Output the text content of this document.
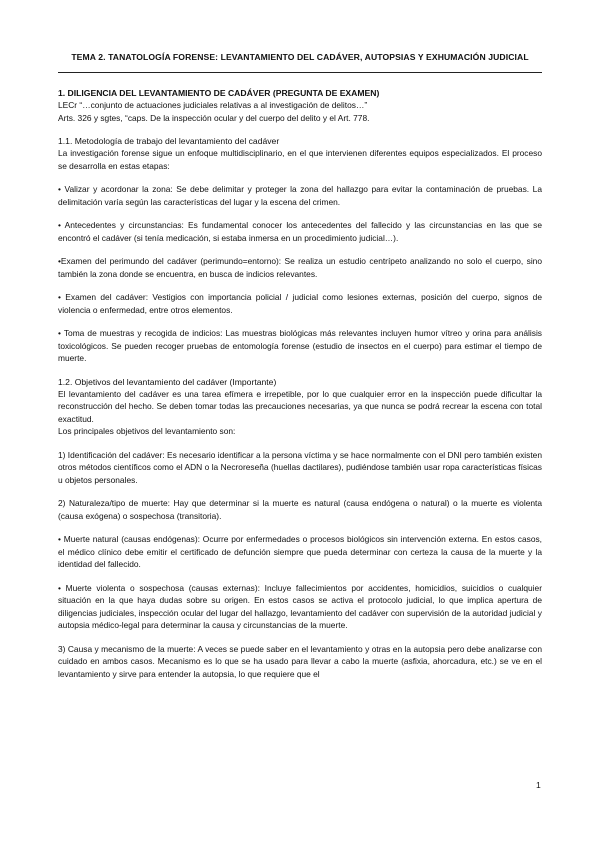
TEMA 2. TANATOLOGÍA FORENSE: LEVANTAMIENTO DEL CADÁVER, AUTOPSIAS Y EXHUMACIÓN JUDICIAL

1. DILIGENCIA DEL LEVANTAMIENTO DE CADÁVER (PREGUNTA DE EXAMEN)

LECr “…conjunto de actuaciones judiciales relativas a al investigación de delitos…”

Arts. 326 y sgtes, “caps. De la inspección ocular y del cuerpo del delito y el Art. 778.

1.1. Metodología de trabajo del levantamiento del cadáver

La investigación forense sigue un enfoque multidisciplinario, en el que intervienen diferentes equipos especializados. El proceso se desarrolla en estas etapas:

• Valizar y acordonar la zona: Se debe delimitar y proteger la zona del hallazgo para evitar la contaminación de pruebas. La delimitación varía según las características del lugar y la escena del crimen.

• Antecedentes y circunstancias: Es fundamental conocer los antecedentes del fallecido y las circunstancias en las que se encontró el cadáver (si tenía medicación, si estaba inmersa en un procedimiento judicial…).

•Examen del perimundo del cadáver (perimundo=entorno): Se realiza un estudio centrípeto analizando no solo el cuerpo, sino también la zona donde se encuentra, en busca de indicios relevantes.

• Examen del cadáver: Vestigios con importancia policial / judicial como lesiones externas, posición del cuerpo, signos de violencia o enfermedad, entre otros elementos.

• Toma de muestras y recogida de indicios: Las muestras biológicas más relevantes incluyen humor vítreo y orina para análisis toxicológicos. Se pueden recoger pruebas de entomología forense (estudio de insectos en el cuerpo) para estimar el tiempo de muerte.

1.2. Objetivos del levantamiento del cadáver (Importante)

El levantamiento del cadáver es una tarea efímera e irrepetible, por lo que cualquier error en la inspección puede dificultar la reconstrucción del hecho. Se deben tomar todas las precauciones necesarias, ya que nunca se podrá recrear la escena con total exactitud.

Los principales objetivos del levantamiento son:

1) Identificación del cadáver: Es necesario identificar a la persona víctima y se hace normalmente con el DNI pero también existen otros métodos científicos como el ADN o la Necroreseña (huellas dactilares), pudiéndose también usar ropa características físicas u objetos personales.

2) Naturaleza/tipo de muerte: Hay que determinar si la muerte es natural (causa endógena o natural) o la muerte es violenta (causa exógena) o sospechosa (transitoria).

• Muerte natural (causas endógenas): Ocurre por enfermedades o procesos biológicos sin intervención externa. En estos casos, el médico clínico debe emitir el certificado de defunción siempre que pueda determinar con certeza la causa de la muerte y la identidad del fallecido.

• Muerte violenta o sospechosa (causas externas): Incluye fallecimientos por accidentes, homicidios, suicidios o cualquier situación en la que haya dudas sobre su origen. En estos casos se activa el protocolo judicial, lo que implica apertura de diligencias judiciales, inspección ocular del lugar del hallazgo, levantamiento del cadáver con supervisión de la autoridad judicial y autopsia médico-legal para determinar la causa y circunstancias de la muerte.

3) Causa y mecanismo de la muerte: A veces se puede saber en el levantamiento y otras en la autopsia pero debe analizarse con cuidado en ambos casos. Mecanismo es lo que se ha usado para llevar a cabo la muerte (asfixia, ahorcadura, etc.) se ve en el levantamiento y sirve para entender la autopsia, lo que requiere que el

1
